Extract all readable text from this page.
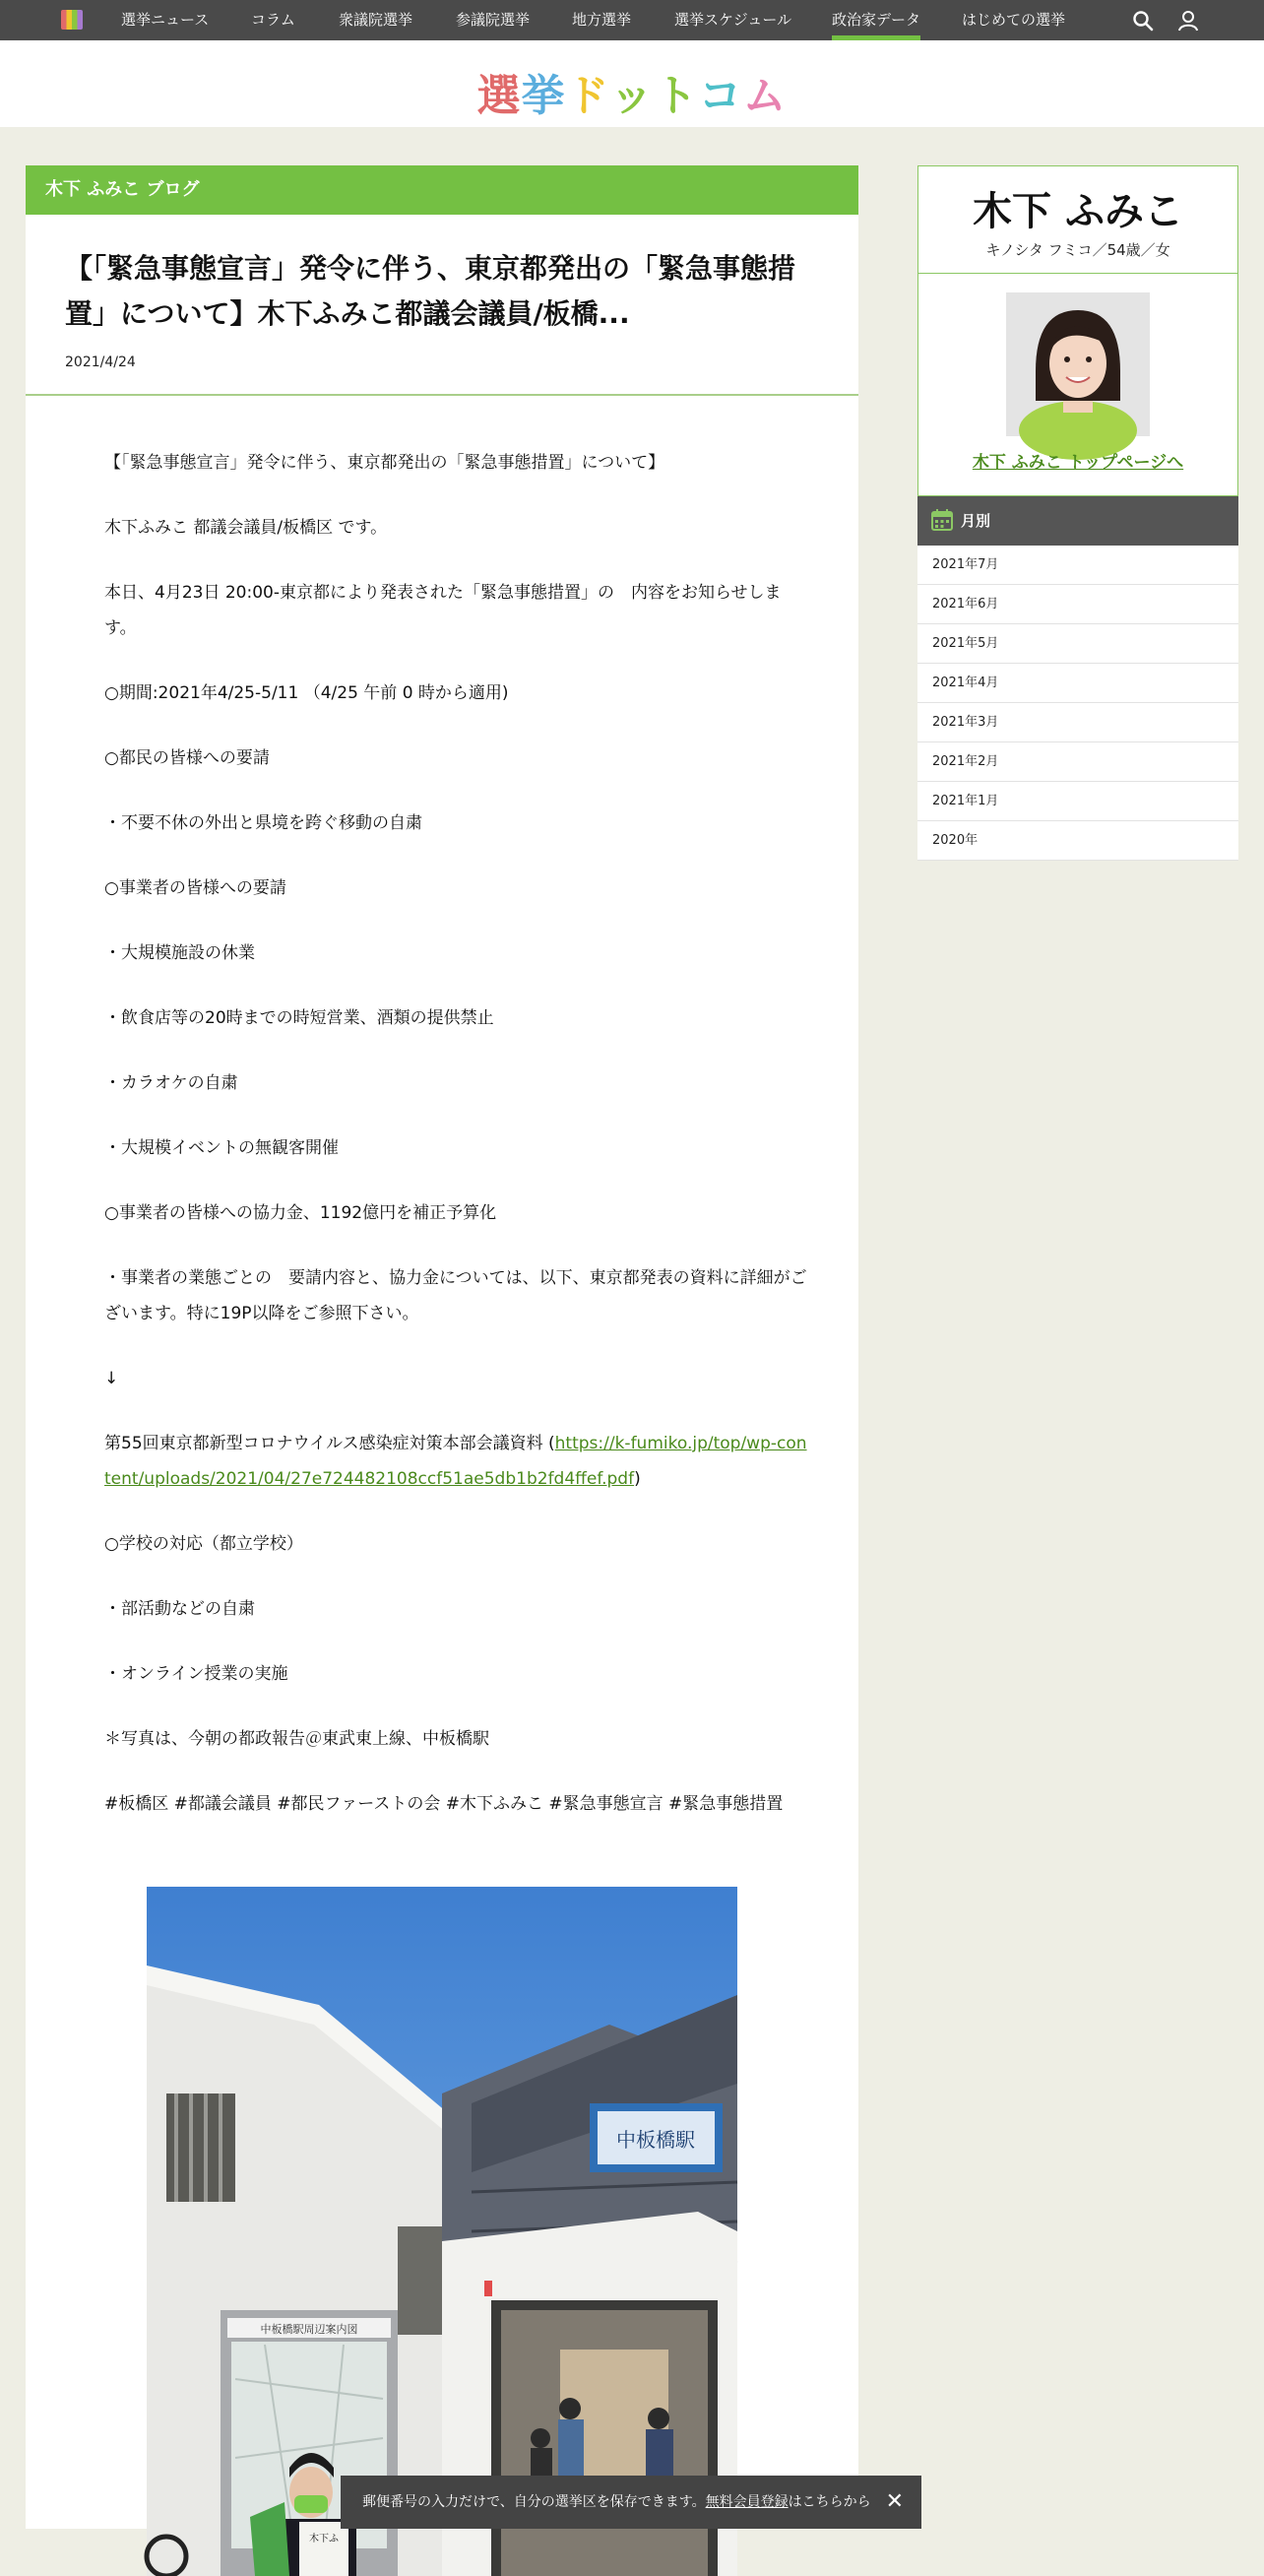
選挙ニュース	コラム	衆議院選挙	参議院選挙	地方選挙	選挙スケジュール	政治家データ	はじめての選挙
選挙ドットコム
木下 ふみこ ブログ
【「緊急事態宣言」発令に伴う、東京都発出の「緊急事態措置」について】木下ふみこ都議会議員/板橋...
2021/4/24

【「緊急事態宣言」発令に伴う、東京都発出の「緊急事態措置」について】

木下ふみこ 都議会議員/板橋区 です。

本日、4月23日 20:00-東京都により発表された「緊急事態措置」の　内容をお知らせします。

○期間:2021年4/25-5/11 （4/25 午前 0 時から適用)

○都民の皆様への要請

・不要不休の外出と県境を跨ぐ移動の自粛

○事業者の皆様への要請

・大規模施設の休業

・飲食店等の20時までの時短営業、酒類の提供禁止

・カラオケの自粛

・大規模イベントの無観客開催

○事業者の皆様への協力金、1192億円を補正予算化

・事業者の業態ごとの　要請内容と、協力金については、以下、東京都発表の資料に詳細がございます。特に19P以降をご参照下さい。

↓

第55回東京都新型コロナウイルス感染症対策本部会議資料 (https://k-fumiko.jp/top/wp-content/uploads/2021/04/27e724482108ccf51ae5db1b2fd4ffef.pdf)

○学校の対応（都立学校）

・部活動などの自粛

・オンライン授業の実施

＊写真は、今朝の都政報告＠東武東上線、中板橋駅

#板橋区 #都議会議員 #都民ファーストの会 #木下ふみこ #緊急事態宣言 #緊急事態措置

中板橋駅
中板橋駅周辺案内図
木下ふ
木下 ふみこ
キノシタ フミコ／54歳／女
木下 ふみこ トップページへ
月別
2021年7月
2021年6月
2021年5月
2021年4月
2021年3月
2021年2月
2021年1月
2020年
郵便番号の入力だけで、自分の選挙区を保存できます。無料会員登録はこちらから ✕
